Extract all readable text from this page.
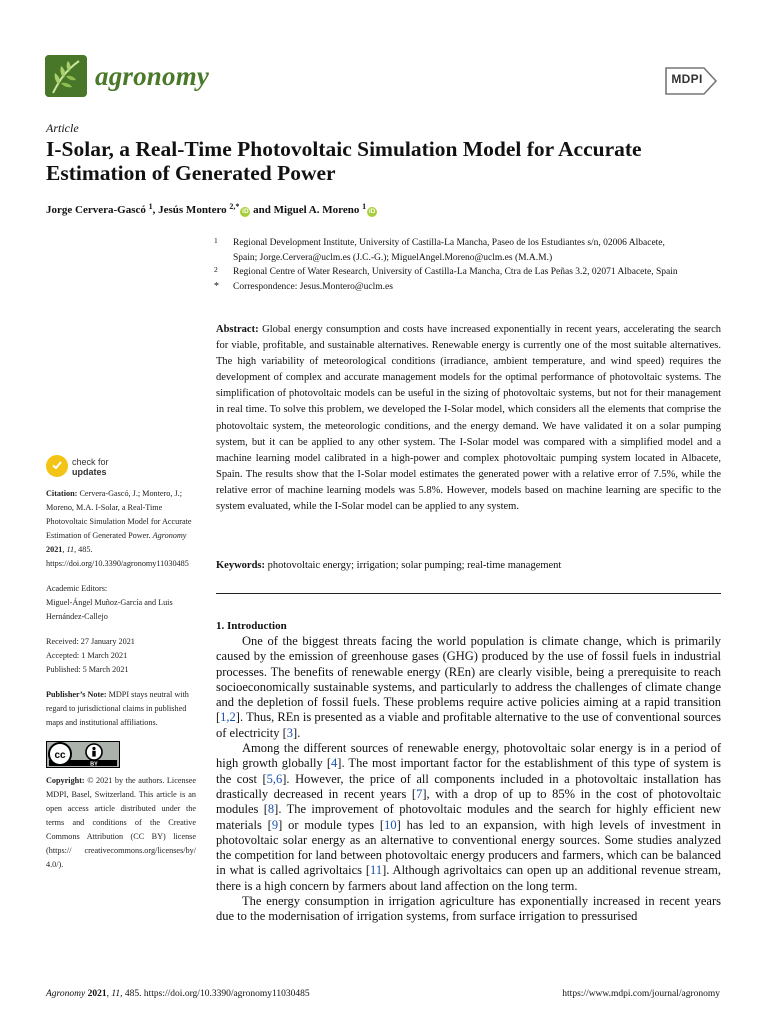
agronomy	MDPI
Article
I-Solar, a Real-Time Photovoltaic Simulation Model for Accurate Estimation of Generated Power
Jorge Cervera-Gascó $^1$, Jesús Montero $^{2,*}$iD and Miguel A. Moreno $^1$iD
1 Regional Development Institute, University of Castilla-La Mancha, Paseo de los Estudiantes s/n, 02006 Albacete, Spain; Jorge.Cervera@uclm.es (J.C.-G.); MiguelAngel.Moreno@uclm.es (M.A.M.)
2 Regional Centre of Water Research, University of Castilla-La Mancha, Ctra de Las Peñas 3.2, 02071 Albacete, Spain
* Correspondence: Jesus.Montero@uclm.es
Abstract: Global energy consumption and costs have increased exponentially in recent years, accelerating the search for viable, profitable, and sustainable alternatives. Renewable energy is currently one of the most suitable alternatives. The high variability of meteorological conditions (irradiance, ambient temperature, and wind speed) requires the development of complex and accurate management models for the optimal performance of photovoltaic systems. The simplification of photovoltaic models can be useful in the sizing of photovoltaic systems, but not for their management in real time. To solve this problem, we developed the I-Solar model, which considers all the elements that comprise the photovoltaic system, the meteorologic conditions, and the energy demand. We have validated it on a solar pumping system, but it can be applied to any other system. The I-Solar model was compared with a simplified model and a machine learning model calibrated in a high-power and complex photovoltaic pumping system located in Albacete, Spain. The results show that the I-Solar model estimates the generated power with a relative error of 7.5%, while the relative error of machine learning models was 5.8%. However, models based on machine learning are specific to the system evaluated, while the I-Solar model can be applied to any system.
Keywords: photovoltaic energy; irrigation; solar pumping; real-time management
check for
updates
Citation: Cervera-Gascó, J.; Montero, J.; Moreno, M.A. I-Solar, a Real-Time Photovoltaic Simulation Model for Accurate Estimation of Generated Power. Agronomy 2021, 11, 485. https://doi.org/10.3390/agronomy11030485
Academic Editors:
Miguel-Ángel Muñoz-García and Luis Hernández-Callejo
Received: 27 January 2021
Accepted: 1 March 2021
Published: 5 March 2021
Publisher’s Note: MDPI stays neutral with regard to jurisdictional claims in published maps and institutional affiliations.
cc
BY
Copyright: © 2021 by the authors. Licensee MDPI, Basel, Switzerland. This article is an open access article distributed under the terms and conditions of the Creative Commons Attribution (CC BY) license (https:// creativecommons.org/licenses/by/ 4.0/).
1. Introduction

One of the biggest threats facing the world population is climate change, which is primarily caused by the emission of greenhouse gases (GHG) produced by the use of fossil fuels in industrial processes. The benefits of renewable energy (REn) are clearly visible, being a prerequisite to reach socioeconomically sustainable systems, and particularly to address the challenges of climate change and the depletion of fossil fuels. These problems require active policies aiming at a rapid transition [1,2]. Thus, REn is presented as a viable and profitable alternative to the use of conventional sources of electricity [3].

Among the different sources of renewable energy, photovoltaic solar energy is in a period of high growth globally [4]. The most important factor for the establishment of this type of system is the cost [5,6]. However, the price of all components included in a photovoltaic installation has drastically decreased in recent years [7], with a drop of up to 85% in the cost of photovoltaic modules [8]. The improvement of photovoltaic modules and the search for highly efficient new materials [9] or module types [10] has led to an expansion, with high levels of investment in photovoltaic solar energy as an alternative to conventional energy sources. Some studies analyzed the competition for land between photovoltaic energy producers and farmers, which can be balanced in what is called agrivoltaics [11]. Although agrivoltaics can open up an additional revenue stream, there is a high concern by farmers about land affection on the long term.

The energy consumption in irrigation agriculture has exponentially increased in recent years due to the modernisation of irrigation systems, from surface irrigation to pressurised

Agronomy 2021, 11, 485. https://doi.org/10.3390/agronomy11030485	https://www.mdpi.com/journal/agronomy
